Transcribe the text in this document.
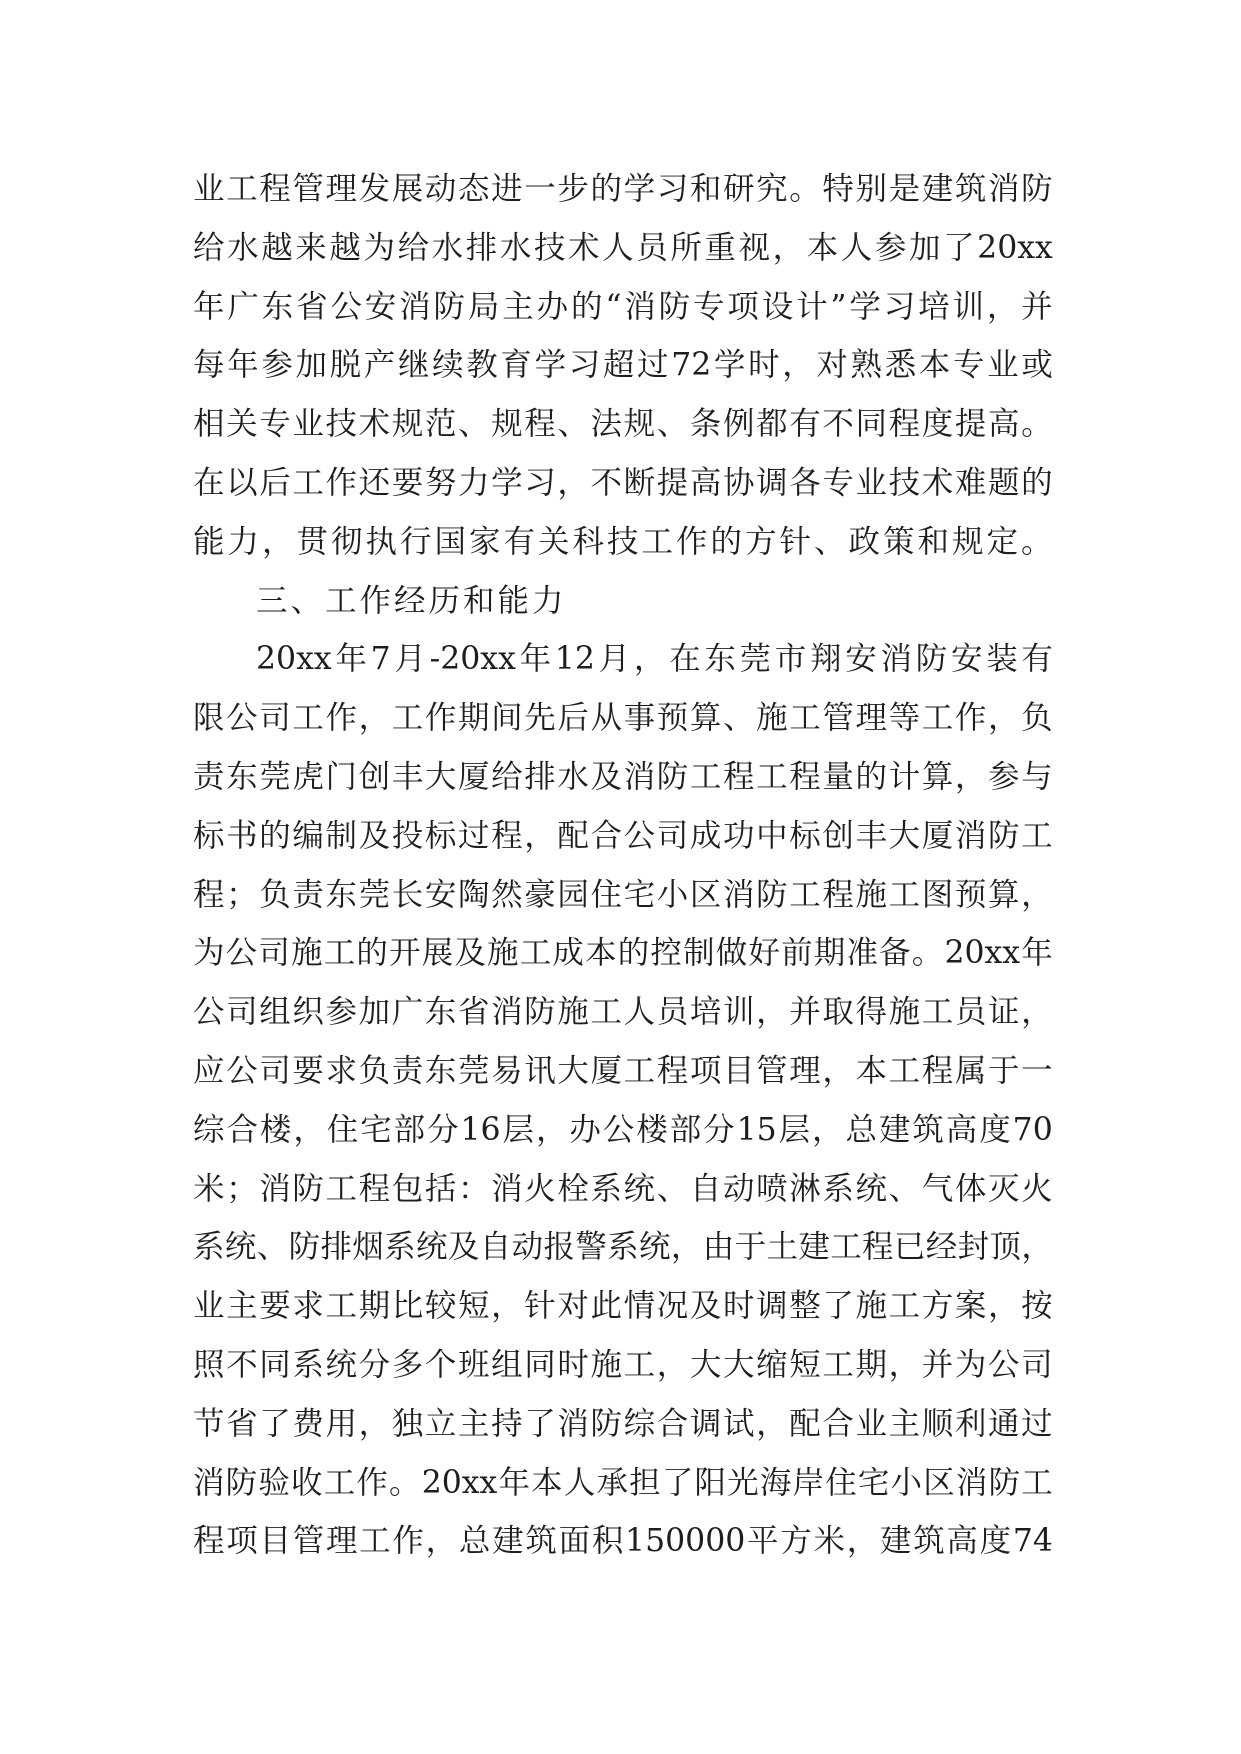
业 工 程 管 理 发 展 动 态 进 一 步 的 学 习 和 研 究 。 特 别 是 建 筑 消 防
给 水 越 来 越 为 给 水 排 水 技 术 人 员 所 重 视 ， 本 人 参 加 了 20xx
年 广 东 省 公 安 消 防 局 主 办 的 “ 消 防 专 项 设 计 ” 学 习 培 训 ， 并
每 年 参 加 脱 产 继 续 教 育 学 习 超 过 72 学 时 ， 对 熟 悉 本 专 业 或
相 关 专 业 技 术 规 范 、 规 程 、 法 规 、 条 例 都 有 不 同 程 度 提 高 。
在 以 后 工 作 还 要 努 力 学 习 ， 不 断 提 高 协 调 各 专 业 技 术 难 题 的
能力，贯彻执行国家有关科技工作的方针、政策和规定。
三、工作经历和能力
20xx 年 7 月 -20xx 年 12 月 ， 在 东 莞 市 翔 安 消 防 安 装 有
限 公 司 工 作 ， 工 作 期 间 先 后 从 事 预 算 、 施 工 管 理 等 工 作 ， 负
责 东 莞 虎 门 创 丰 大 厦 给 排 水 及 消 防 工 程 工 程 量 的 计 算 ， 参 与
标 书 的 编 制 及 投 标 过 程 ， 配 合 公 司 成 功 中 标 创 丰 大 厦 消 防 工
程 ； 负 责 东 莞 长 安 陶 然 豪 园 住 宅 小 区 消 防 工 程 施 工 图 预 算 ，
为 公 司 施 工 的 开 展 及 施 工 成 本 的 控 制 做 好 前 期 准 备 。 20xx 年
公 司 组 织 参 加 广 东 省 消 防 施 工 人 员 培 训 ， 并 取 得 施 工 员 证 ，
应 公 司 要 求 负 责 东 莞 易 讯 大 厦 工 程 项 目 管 理 ， 本 工 程 属 于 一
综 合 楼 ， 住 宅 部 分 16 层 ， 办 公 楼 部 分 15 层 ， 总 建 筑 高 度 70
米 ； 消 防 工 程 包 括 ： 消 火 栓 系 统 、 自 动 喷 淋 系 统 、 气 体 灭 火
系 统 、 防 排 烟 系 统 及 自 动 报 警 系 统 ， 由 于 土 建 工 程 已 经 封 顶 ，
业 主 要 求 工 期 比 较 短 ， 针 对 此 情 况 及 时 调 整 了 施 工 方 案 ， 按
照 不 同 系 统 分 多 个 班 组 同 时 施 工 ， 大 大 缩 短 工 期 ， 并 为 公 司
节 省 了 费 用 ， 独 立 主 持 了 消 防 综 合 调 试 ， 配 合 业 主 顺 利 通 过
消 防 验 收 工 作 。 20xx 年 本 人 承 担 了 阳 光 海 岸 住 宅 小 区 消 防 工
程 项 目 管 理 工 作 ， 总 建 筑 面 积 150000 平 方 米 ， 建 筑 高 度 74
